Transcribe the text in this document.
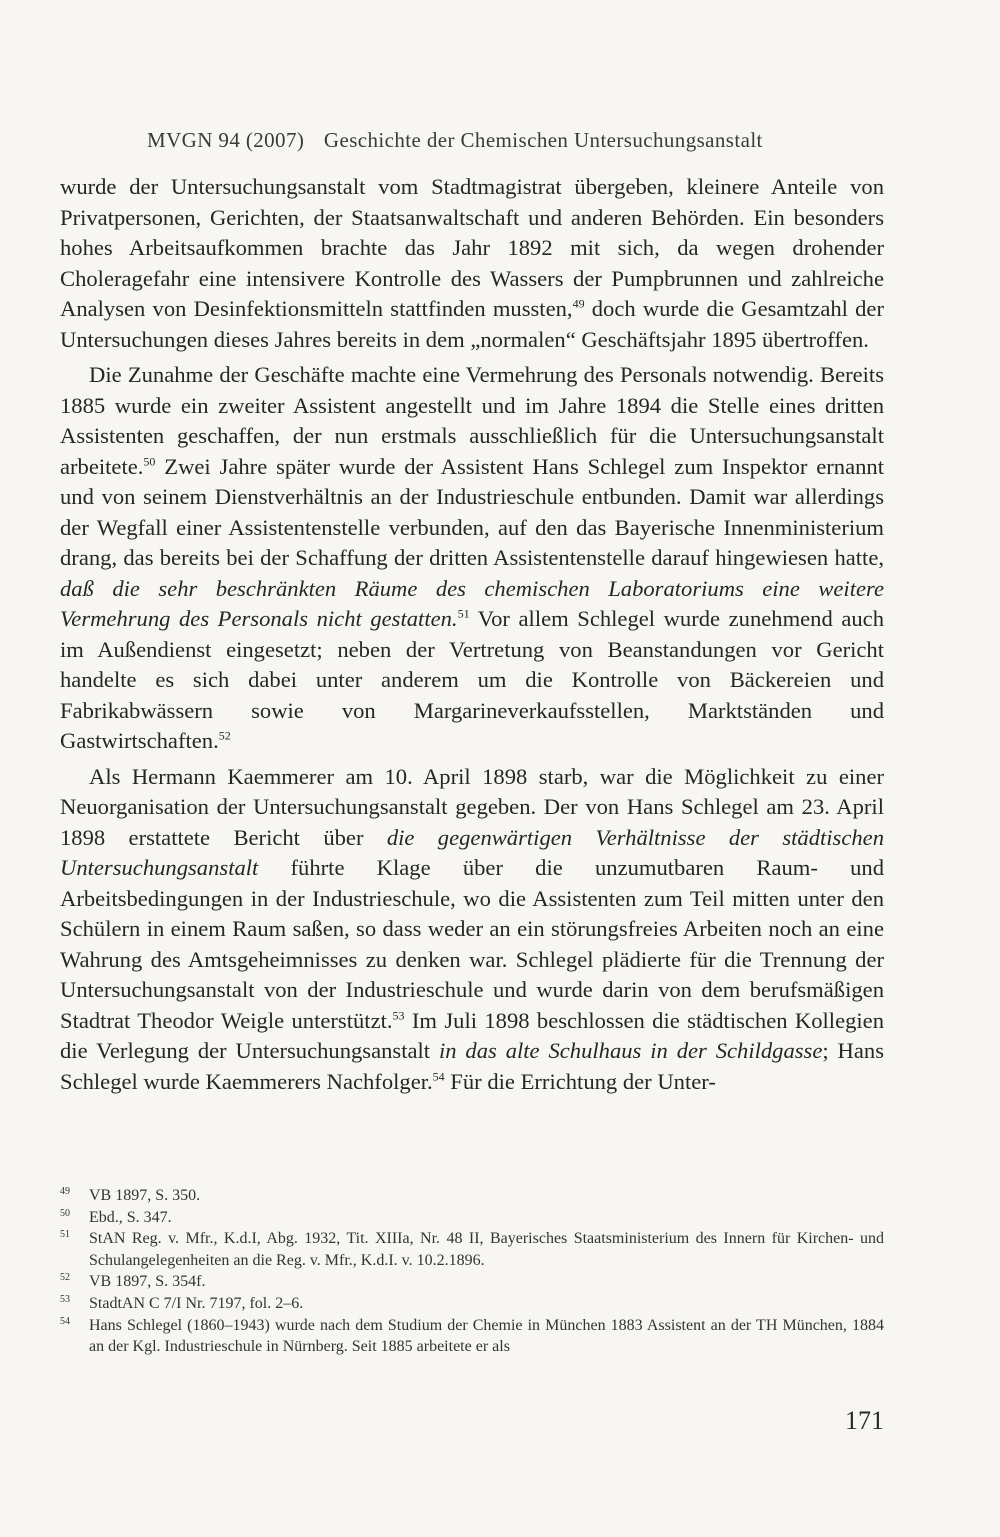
MVGN 94 (2007) Geschichte der Chemischen Untersuchungsanstalt

wurde der Untersuchungsanstalt vom Stadtmagistrat übergeben, kleinere Anteile von Privatpersonen, Gerichten, der Staatsanwaltschaft und anderen Behörden. Ein besonders hohes Arbeitsaufkommen brachte das Jahr 1892 mit sich, da wegen drohender Choleragefahr eine intensivere Kontrolle des Wassers der Pumpbrunnen und zahlreiche Analysen von Desinfektionsmitteln stattfinden mussten,$^{49}$ doch wurde die Gesamtzahl der Untersuchungen dieses Jahres bereits in dem „normalen“ Geschäftsjahr 1895 übertroffen.

Die Zunahme der Geschäfte machte eine Vermehrung des Personals notwendig. Bereits 1885 wurde ein zweiter Assistent angestellt und im Jahre 1894 die Stelle eines dritten Assistenten geschaffen, der nun erstmals ausschließlich für die Untersuchungsanstalt arbeitete.$^{50}$ Zwei Jahre später wurde der Assistent Hans Schlegel zum Inspektor ernannt und von seinem Dienstverhältnis an der Industrieschule entbunden. Damit war allerdings der Wegfall einer Assistentenstelle verbunden, auf den das Bayerische Innenministerium drang, das bereits bei der Schaffung der dritten Assistentenstelle darauf hingewiesen hatte, daß die sehr beschränkten Räume des chemischen Laboratoriums eine weitere Vermehrung des Personals nicht gestatten.$^{51}$ Vor allem Schlegel wurde zunehmend auch im Außendienst eingesetzt; neben der Vertretung von Beanstandungen vor Gericht handelte es sich dabei unter anderem um die Kontrolle von Bäckereien und Fabrikabwässern sowie von Margarineverkaufsstellen, Marktständen und Gastwirtschaften.$^{52}$

Als Hermann Kaemmerer am 10. April 1898 starb, war die Möglichkeit zu einer Neuorganisation der Untersuchungsanstalt gegeben. Der von Hans Schlegel am 23. April 1898 erstattete Bericht über die gegenwärtigen Verhältnisse der städtischen Untersuchungsanstalt führte Klage über die unzumutbaren Raum- und Arbeitsbedingungen in der Industrieschule, wo die Assistenten zum Teil mitten unter den Schülern in einem Raum saßen, so dass weder an ein störungsfreies Arbeiten noch an eine Wahrung des Amtsgeheimnisses zu denken war. Schlegel plädierte für die Trennung der Untersuchungsanstalt von der Industrieschule und wurde darin von dem berufsmäßigen Stadtrat Theodor Weigle unterstützt.$^{53}$ Im Juli 1898 beschlossen die städtischen Kollegien die Verlegung der Untersuchungsanstalt in das alte Schulhaus in der Schildgasse; Hans Schlegel wurde Kaemmerers Nachfolger.$^{54}$ Für die Errichtung der Unter-

49	VB 1897, S. 350.
50	Ebd., S. 347.
51	StAN Reg. v. Mfr., K.d.I, Abg. 1932, Tit. XIIIa, Nr. 48 II, Bayerisches Staatsministerium des Innern für Kirchen- und Schulangelegenheiten an die Reg. v. Mfr., K.d.I. v. 10.2.1896.
52	VB 1897, S. 354f.
53	StadtAN C 7/I Nr. 7197, fol. 2–6.
54	Hans Schlegel (1860–1943) wurde nach dem Studium der Chemie in München 1883 Assistent an der TH München, 1884 an der Kgl. Industrieschule in Nürnberg. Seit 1885 arbeitete er als
171
